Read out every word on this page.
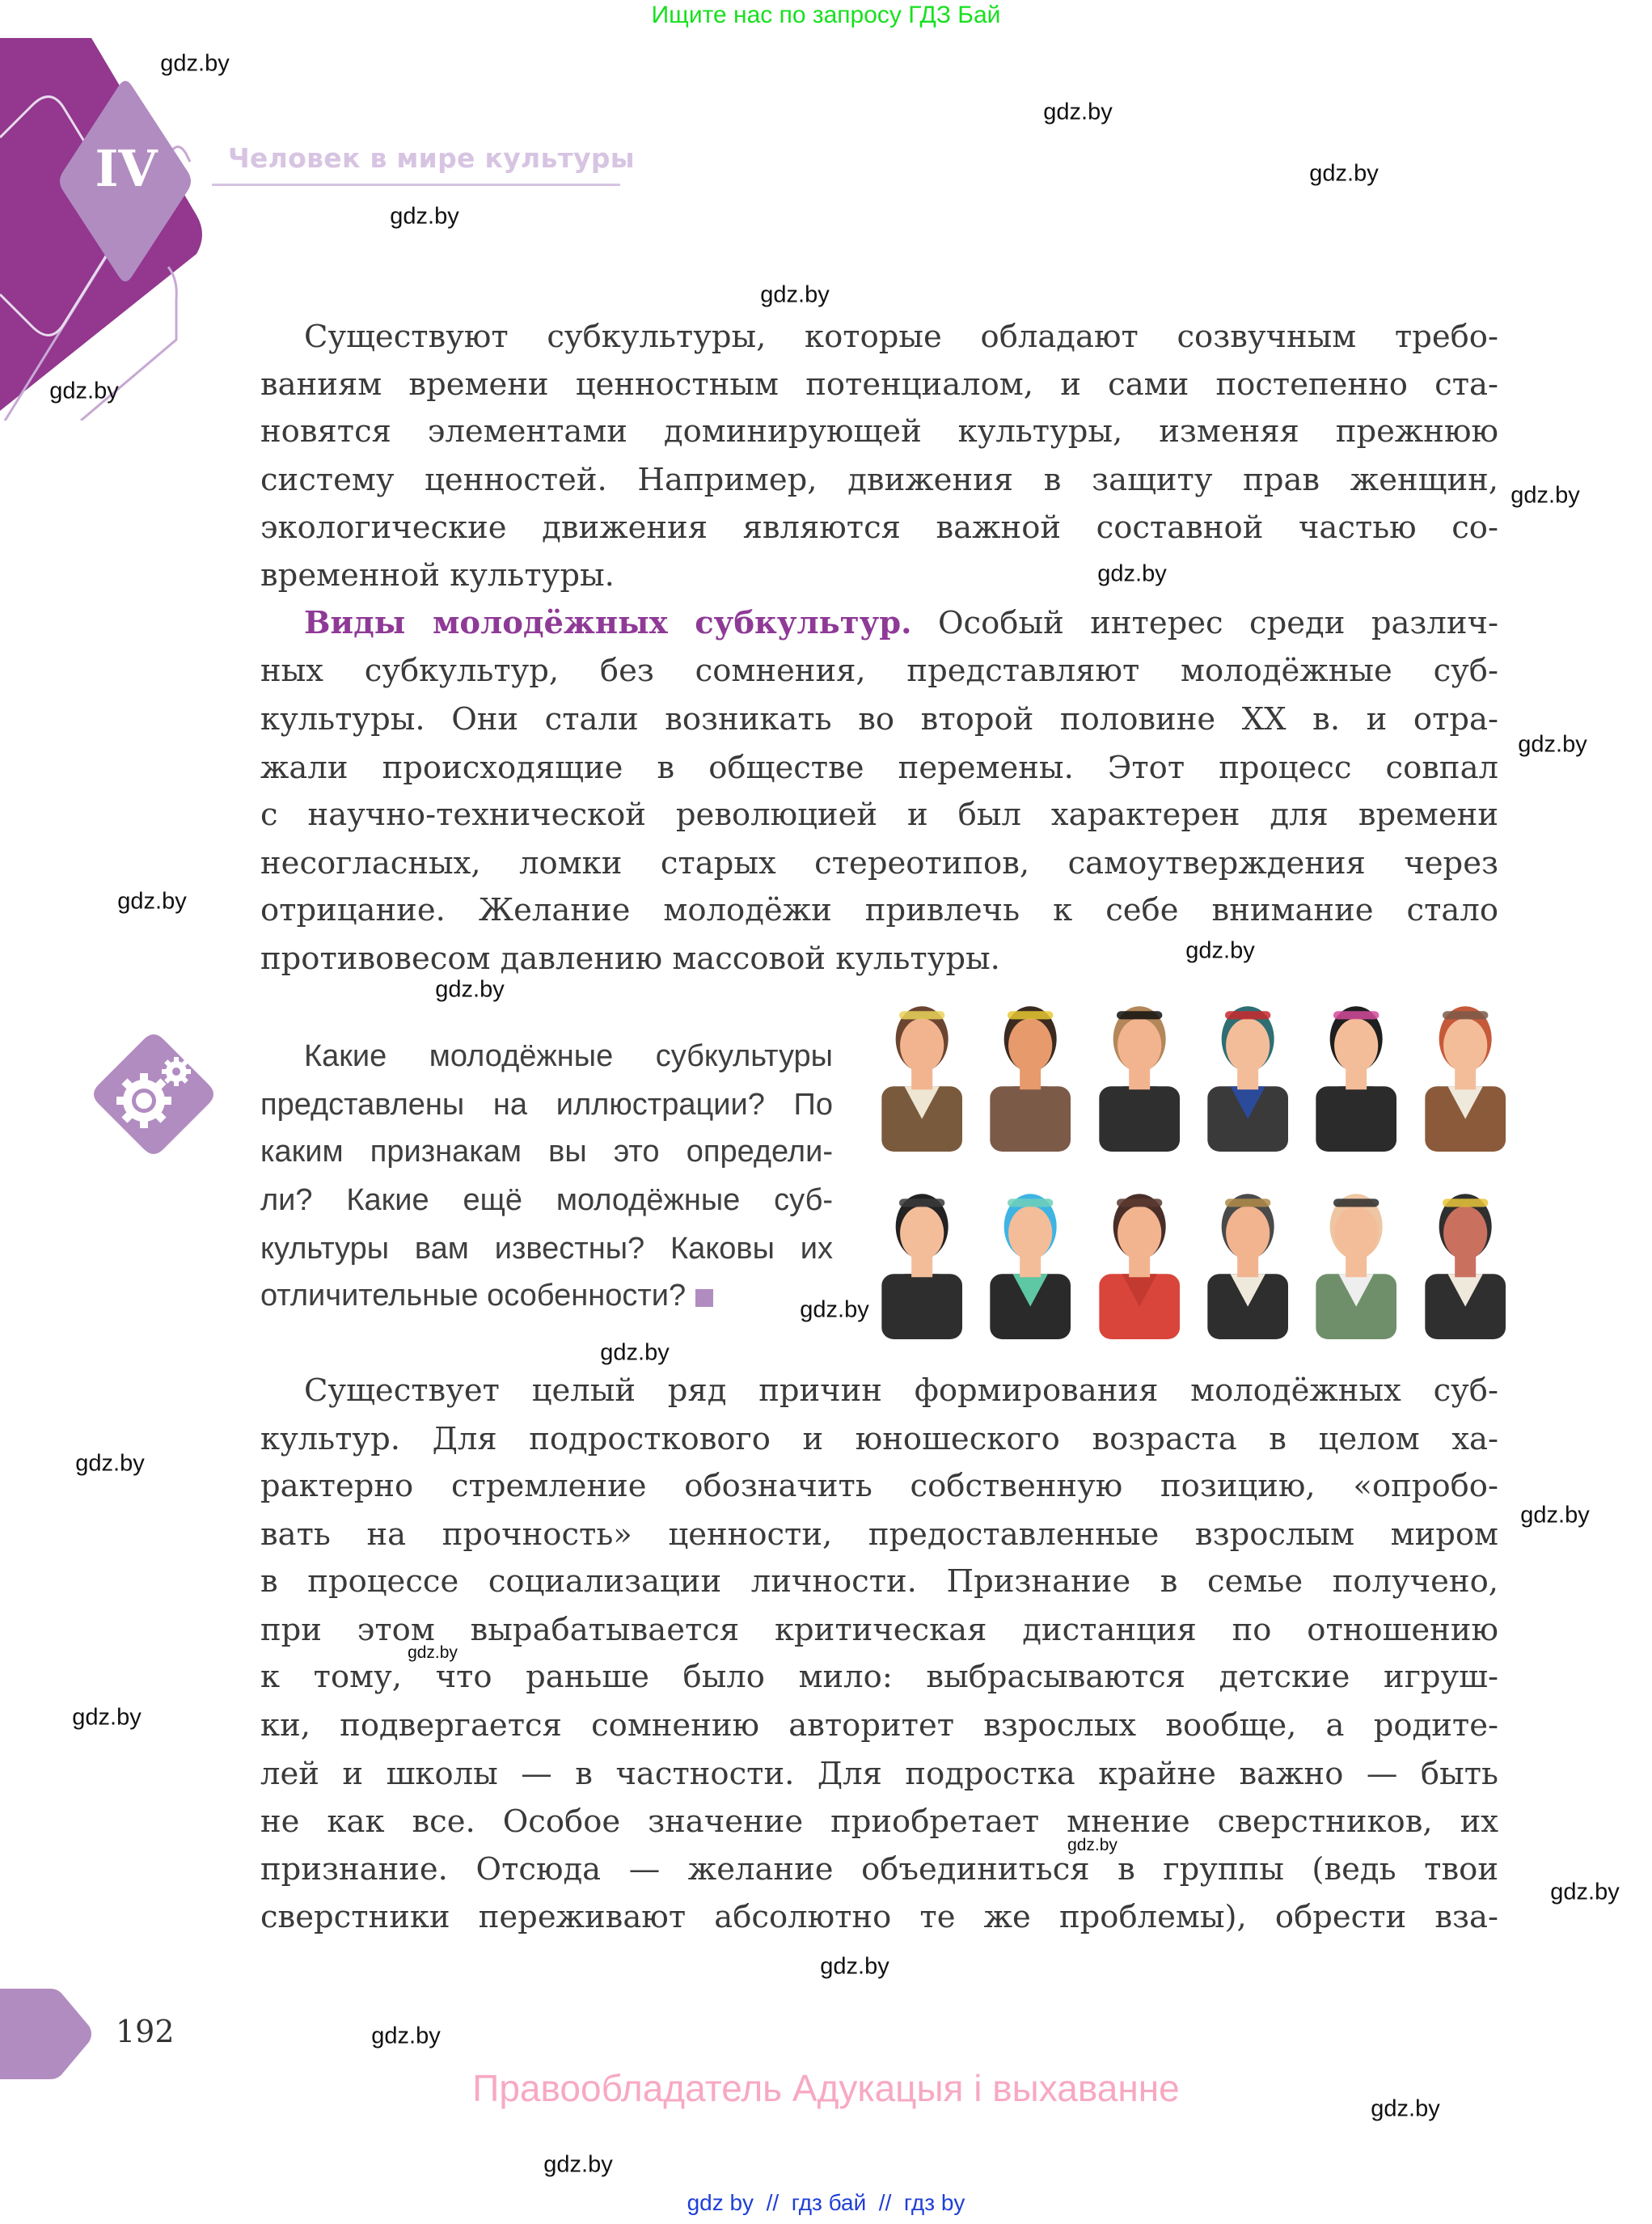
Ищите нас по запросу ГДЗ Бай
IV	Человек в мире культуры
Существуют субкультуры, которые обладают созвучным требо-
ваниям времени ценностным потенциалом, и сами постепенно ста-
новятся элементами доминирующей культуры, изменяя прежнюю
систему ценностей. Например, движения в защиту прав женщин,
экологические движения являются важной составной частью со-
временной культуры.
Виды молодёжных субкультур. Особый интерес среди различ-
ных субкультур, без сомнения, представляют молодёжные суб-
культуры. Они стали возникать во второй половине XX в. и отра-
жали происходящие в обществе перемены. Этот процесс совпал
с научно-технической революцией и был характерен для времени
несогласных, ломки старых стереотипов, самоутверждения через
отрицание. Желание молодёжи привлечь к себе внимание стало
противовесом давлению массовой культуры.
Какие молодёжные субкультуры
представлены на иллюстрации? По
каким признакам вы это определи-
ли? Какие ещё молодёжные суб-
культуры вам известны? Каковы их
отличительные особенности?
Существует целый ряд причин формирования молодёжных суб-
культур. Для подросткового и юношеского возраста в целом ха-
рактерно стремление обозначить собственную позицию, «опробо-
вать на прочность» ценности, предоставленные взрослым миром
в процессе социализации личности. Признание в семье получено,
при этом вырабатывается критическая дистанция по отношению
к тому, что раньше было мило: выбрасываются детские игруш-
ки, подвергается сомнению авторитет взрослых вообще, а родите-
лей и школы — в частности. Для подростка крайне важно — быть
не как все. Особое значение приобретает мнение сверстников, их
признание. Отсюда — желание объединиться в группы (ведь твои
сверстники переживают абсолютно те же проблемы), обрести вза-
192
Правообладатель Адукацыя і выхаванне
gdz by  //  гдз бай  //  гдз by
gdz.by
gdz.by
gdz.by
gdz.by
gdz.by
gdz.by
gdz.by
gdz.by
gdz.by
gdz.by
gdz.by
gdz.by
gdz.by
gdz.by
gdz.by
gdz.by
gdz.by
gdz.by
gdz.by
gdz.by
gdz.by
gdz.by
gdz.by
gdz.by
